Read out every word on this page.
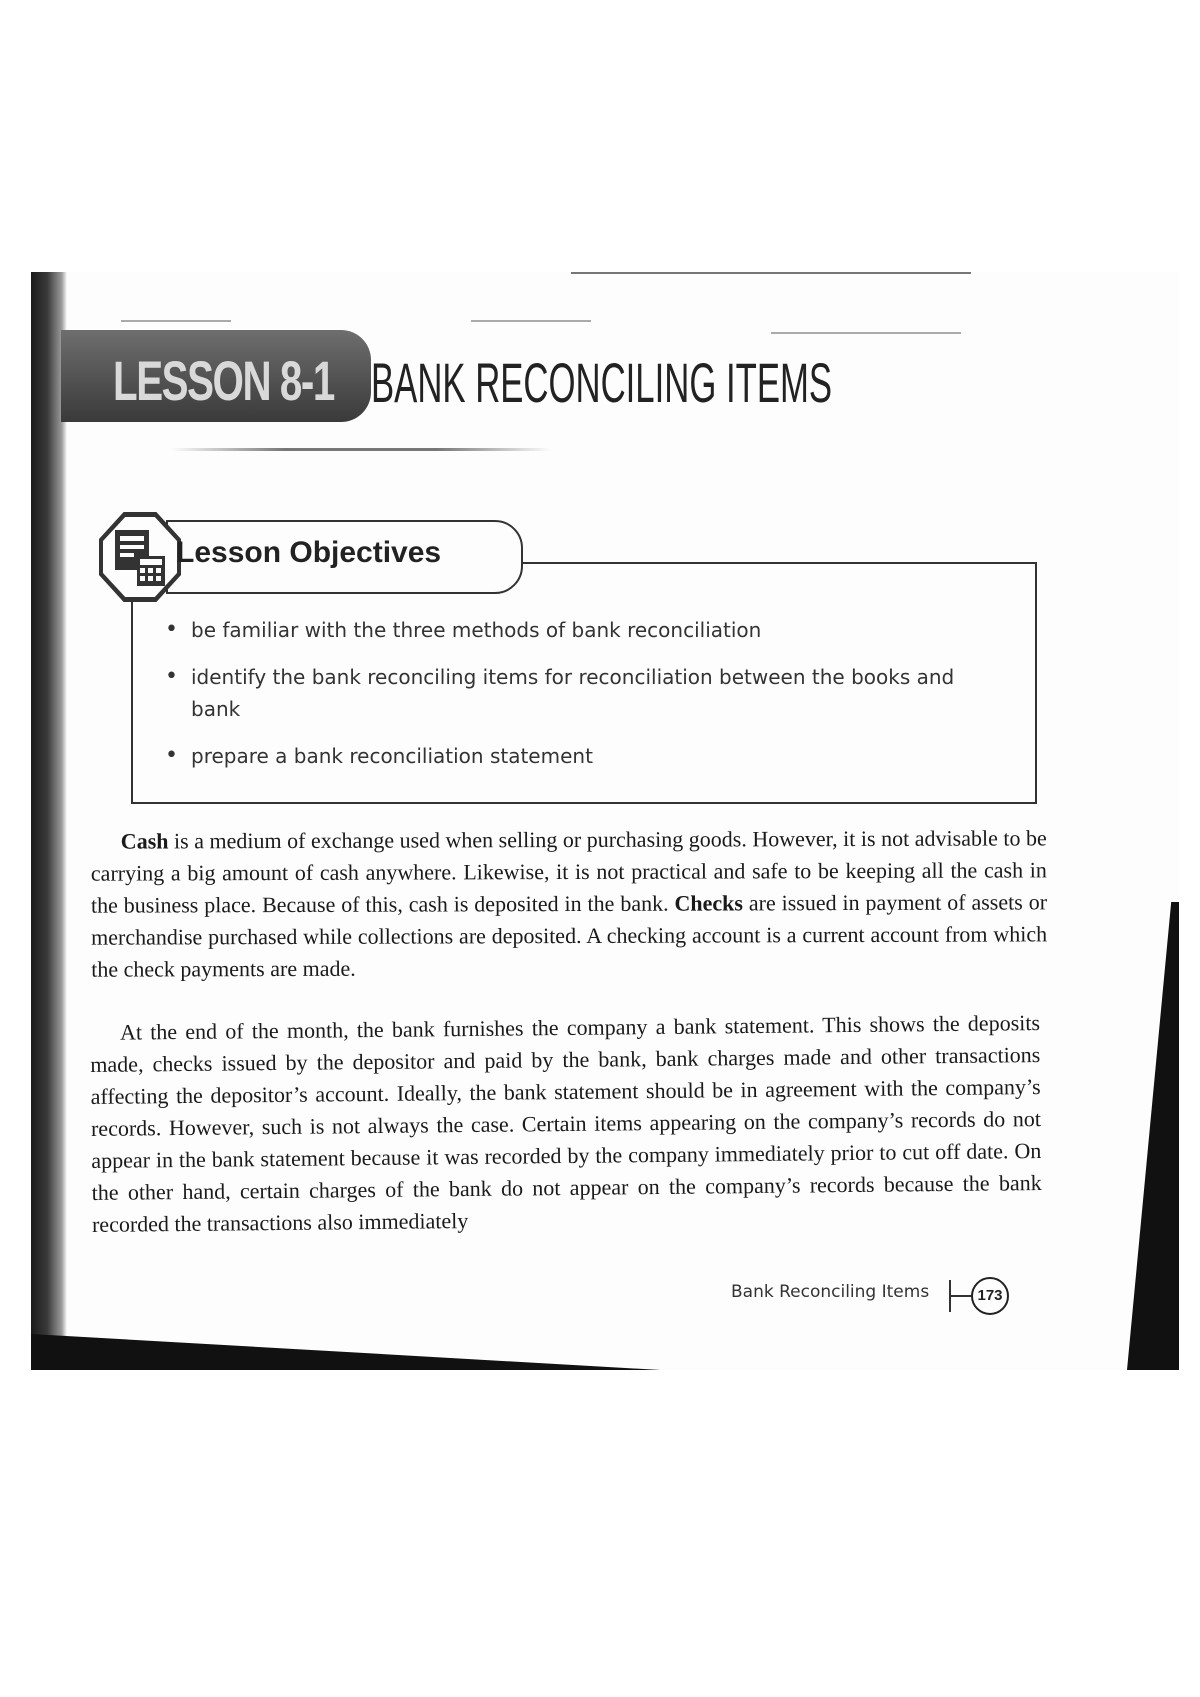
LESSON 8-1 BANK RECONCILING ITEMS
Lesson Objectives
• be familiar with the three methods of bank reconciliation
• identify the bank reconciling items for reconciliation between the books and bank
• prepare a bank reconciliation statement

Cash is a medium of exchange used when selling or purchasing goods. However, it is not advisable to be carrying a big amount of cash anywhere. Likewise, it is not practical and safe to be keeping all the cash in the business place. Because of this, cash is deposited in the bank. Checks are issued in payment of assets or merchandise purchased while collections are deposited. A checking account is a current account from which the check payments are made.

At the end of the month, the bank furnishes the company a bank statement. This shows the deposits made, checks issued by the depositor and paid by the bank, bank charges made and other transactions affecting the depositor’s account. Ideally, the bank statement should be in agreement with the company’s records. However, such is not always the case. Certain items appearing on the company’s records do not appear in the bank statement because it was recorded by the company immediately prior to cut off date. On the other hand, certain charges of the bank do not appear on the company’s records because the bank recorded the transactions also immediately

Bank Reconciling Items	173
